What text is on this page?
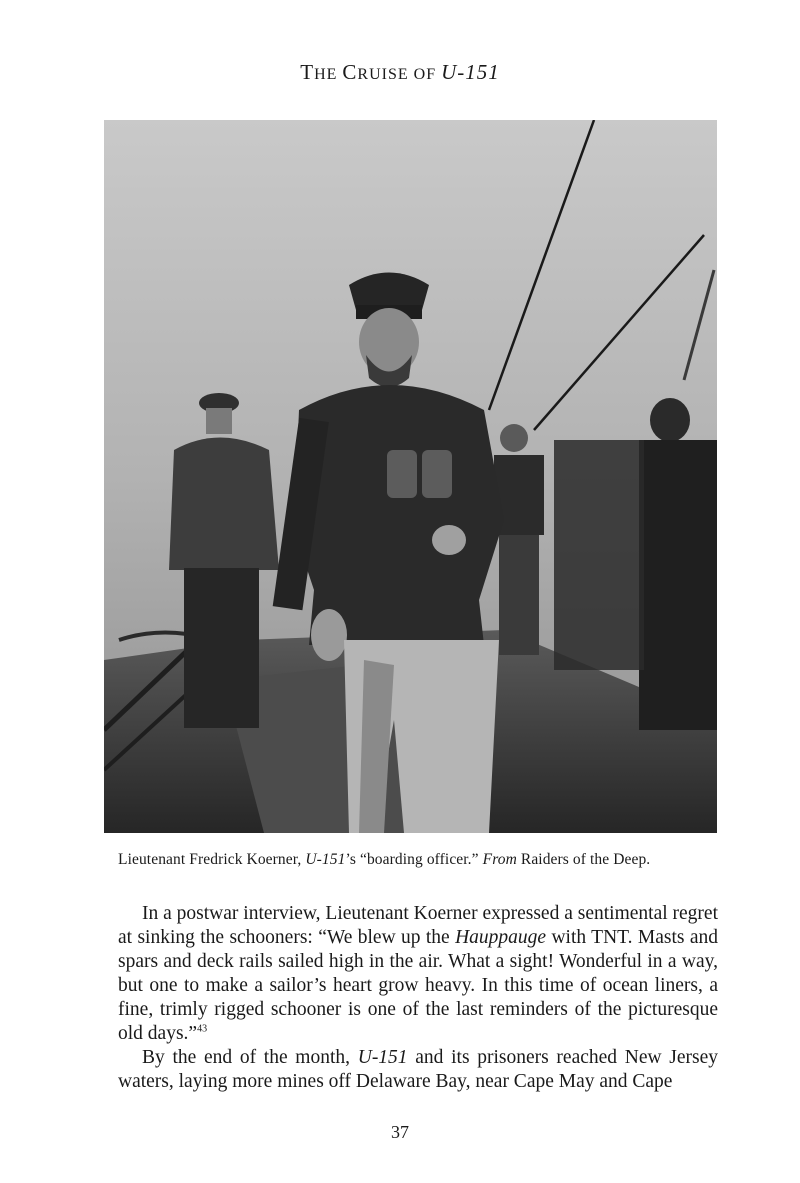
THE CRUISE OF U-151
Lieutenant Fredrick Koerner, U-151’s “boarding officer.” From Raiders of the Deep.

In a postwar interview, Lieutenant Koerner expressed a sentimental regret at sinking the schooners: “We blew up the Hauppauge with TNT. Masts and spars and deck rails sailed high in the air. What a sight! Wonderful in a way, but one to make a sailor’s heart grow heavy. In this time of ocean liners, a fine, trimly rigged schooner is one of the last reminders of the picturesque old days.”$^{43}$

By the end of the month, U-151 and its prisoners reached New Jersey waters, laying more mines off Delaware Bay, near Cape May and Cape

37
